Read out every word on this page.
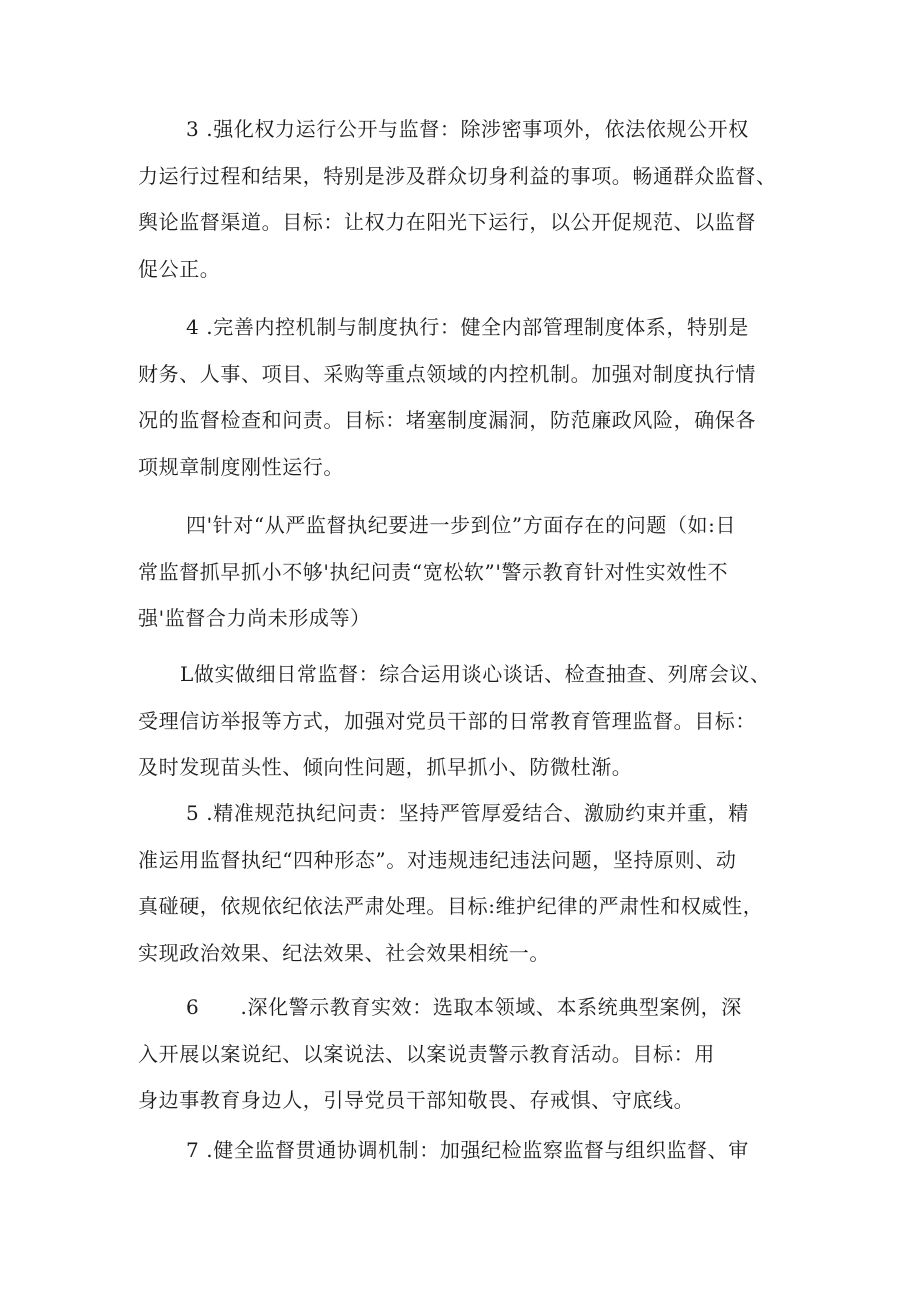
3 .强化权力运行公开与监督：除涉密事项外，依法依规公开权
力运行过程和结果，特别是涉及群众切身利益的事项。畅通群众监督、
舆论监督渠道。目标：让权力在阳光下运行，以公开促规范、以监督
促公正。
4 .完善内控机制与制度执行：健全内部管理制度体系，特别是
财务、人事、项目、采购等重点领域的内控机制。加强对制度执行情
况的监督检查和问责。目标：堵塞制度漏洞，防范廉政风险，确保各
项规章制度刚性运行。
四'针对“从严监督执纪要进一步到位”方面存在的问题（如:日
常监督抓早抓小不够'执纪问责“宽松软”'警示教育针对性实效性不
强'监督合力尚未形成等）
L做实做细日常监督：综合运用谈心谈话、检查抽查、列席会议、
受理信访举报等方式，加强对党员干部的日常教育管理监督。目标：
及时发现苗头性、倾向性问题，抓早抓小、防微杜渐。
5 .精准规范执纪问责：坚持严管厚爱结合、激励约束并重，精
准运用监督执纪“四种形态”。对违规违纪违法问题，坚持原则、动
真碰硬，依规依纪依法严肃处理。目标:维护纪律的严肃性和权威性，
实现政治效果、纪法效果、社会效果相统一。
6　　.深化警示教育实效：选取本领域、本系统典型案例，深
入开展以案说纪、以案说法、以案说责警示教育活动。目标：用
身边事教育身边人，引导党员干部知敬畏、存戒惧、守底线。
7 .健全监督贯通协调机制：加强纪检监察监督与组织监督、审
